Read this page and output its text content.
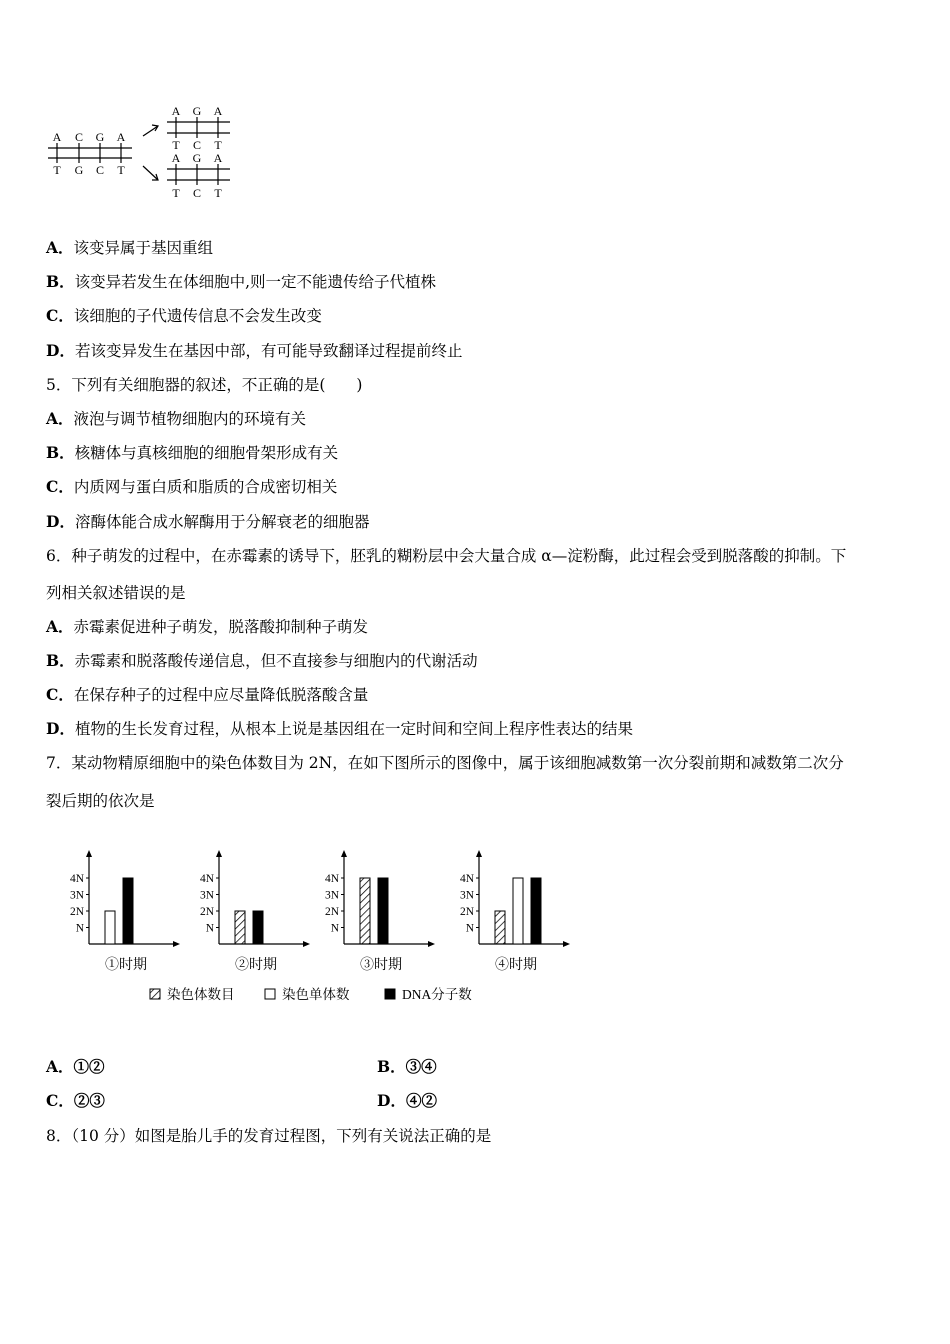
A C G A
T G C T
A G A
T C T
A G A
T C T
A．该变异属于基因重组
B．该变异若发生在体细胞中,则一定不能遗传给子代植株
C．该细胞的子代遗传信息不会发生改变
D．若该变异发生在基因中部，有可能导致翻译过程提前终止
5．下列有关细胞器的叙述，不正确的是(　　)
A．液泡与调节植物细胞内的环境有关
B．核糖体与真核细胞的细胞骨架形成有关
C．内质网与蛋白质和脂质的合成密切相关
D．溶酶体能合成水解酶用于分解衰老的细胞器
6．种子萌发的过程中，在赤霉素的诱导下，胚乳的糊粉层中会大量合成 α—淀粉酶，此过程会受到脱落酸的抑制。下
列相关叙述错误的是
A．赤霉素促进种子萌发，脱落酸抑制种子萌发
B．赤霉素和脱落酸传递信息，但不直接参与细胞内的代谢活动
C．在保存种子的过程中应尽量降低脱落酸含量
D．植物的生长发育过程，从根本上说是基因组在一定时间和空间上程序性表达的结果
7．某动物精原细胞中的染色体数目为 2N，在如下图所示的图像中，属于该细胞减数第一次分裂前期和减数第二次分
裂后期的依次是
N
2N
3N
4N
①时期
N
2N
3N
4N
②时期
N
2N
3N
4N
③时期
N
2N
3N
4N
④时期
染色体数目	染色单体数	DNA分子数
A．①②	B．③④
C．②③	D．④②
8．（10 分）如图是胎儿手的发育过程图，下列有关说法正确的是
